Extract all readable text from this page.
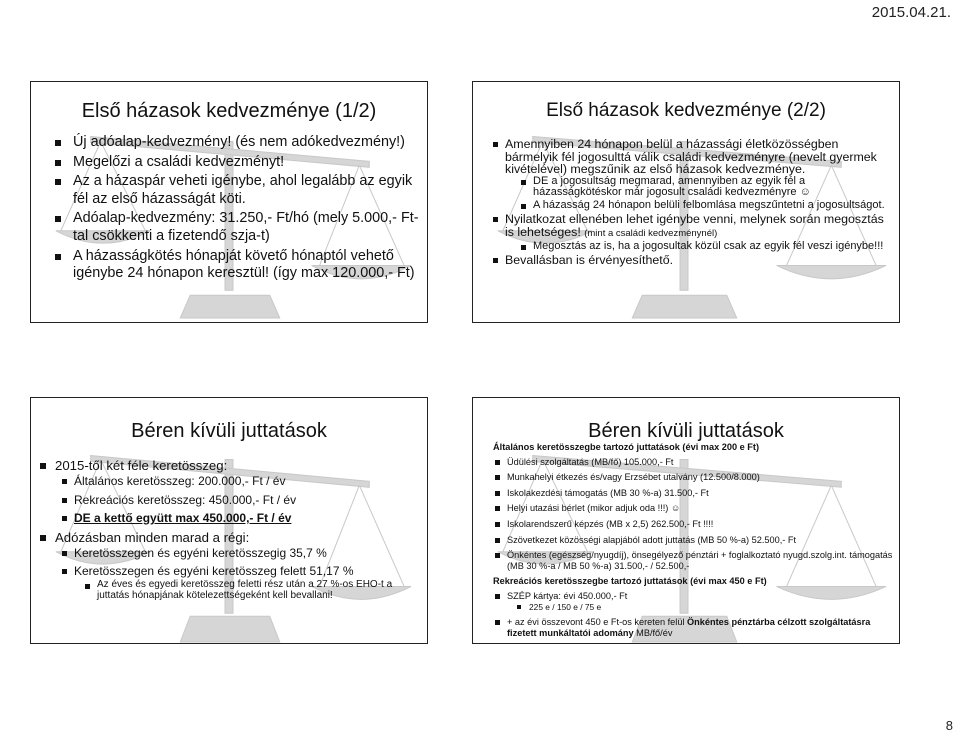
2015.04.21.
Első házasok kedvezménye (1/2)
Új adóalap-kedvezmény! (és nem adókedvezmény!)
Megelőzi a családi kedvezményt!
Az a házaspár veheti igénybe, ahol legalább az egyik fél az első házasságát köti.
Adóalap-kedvezmény: 31.250,- Ft/hó (mely 5.000,- Ft-tal csökkenti a fizetendő szja-t)
A házasságkötés hónapját követő hónaptól vehető igénybe 24 hónapon keresztül! (így max 120.000,- Ft)
Első házasok kedvezménye (2/2)
Amennyiben 24 hónapon belül a házassági életközösségben bármelyik fél jogosulttá válik családi kedvezményre (nevelt gyermek kivételével) megszűnik az első házasok kedvezménye.
DE a jogosultság megmarad, amennyiben az egyik fél a házasságkötéskor már jogosult családi kedvezményre ☺
A házasság 24 hónapon belüli felbomlása megszűntetni a jogosultságot.
Nyilatkozat ellenében lehet igénybe venni, melynek során megosztás is lehetséges! (mint a családi kedvezménynél)
Megosztás az is, ha a jogosultak közül csak az egyik fél veszi igénybe!!!
Bevallásban is érvényesíthető.
Béren kívüli juttatások
2015-től két féle keretösszeg:
Általános keretösszeg: 200.000,- Ft / év
Rekreációs keretösszeg: 450.000,- Ft / év
DE a kettő együtt max 450.000,- Ft / év
Adózásban minden marad a régi:
Keretösszegen és egyéni keretösszegig 35,7 %
Keretösszegen és egyéni keretösszeg felett 51,17 %
Az éves és egyedi keretösszeg feletti rész után a 27 %-os EHO-t a juttatás hónapjának kötelezettségeként kell bevallani!
Béren kívüli juttatások
Általános keretösszegbe tartozó juttatások (évi max 200 e Ft)
Üdülési szolgáltatás (MB/fő) 105.000,- Ft
Munkahelyi étkezés és/vagy Erzsébet utalvány (12.500/8.000)
Iskolakezdési támogatás (MB 30 %-a) 31.500,- Ft
Helyi utazási bérlet (mikor adjuk oda !!!) ☺
Iskolarendszerű képzés (MB x 2,5) 262.500,- Ft !!!!
Szövetkezet közösségi alapjából adott juttatás (MB 50 %-a) 52.500,- Ft
Önkéntes (egészség/nyugdíj), önsegélyező pénztári + foglalkoztató nyugd.szolg.int. támogatás (MB 30 %-a / MB 50 %-a) 31.500,- / 52.500,-
Rekreációs keretösszegbe tartozó juttatások (évi max 450 e Ft)
SZÉP kártya: évi 450.000,- Ft
225 e / 150 e / 75 e
+ az évi összevont 450 e Ft-os kereten felül Önkéntes pénztárba célzott szolgáltatásra fizetett munkáltatói adomány MB/fő/év
8
